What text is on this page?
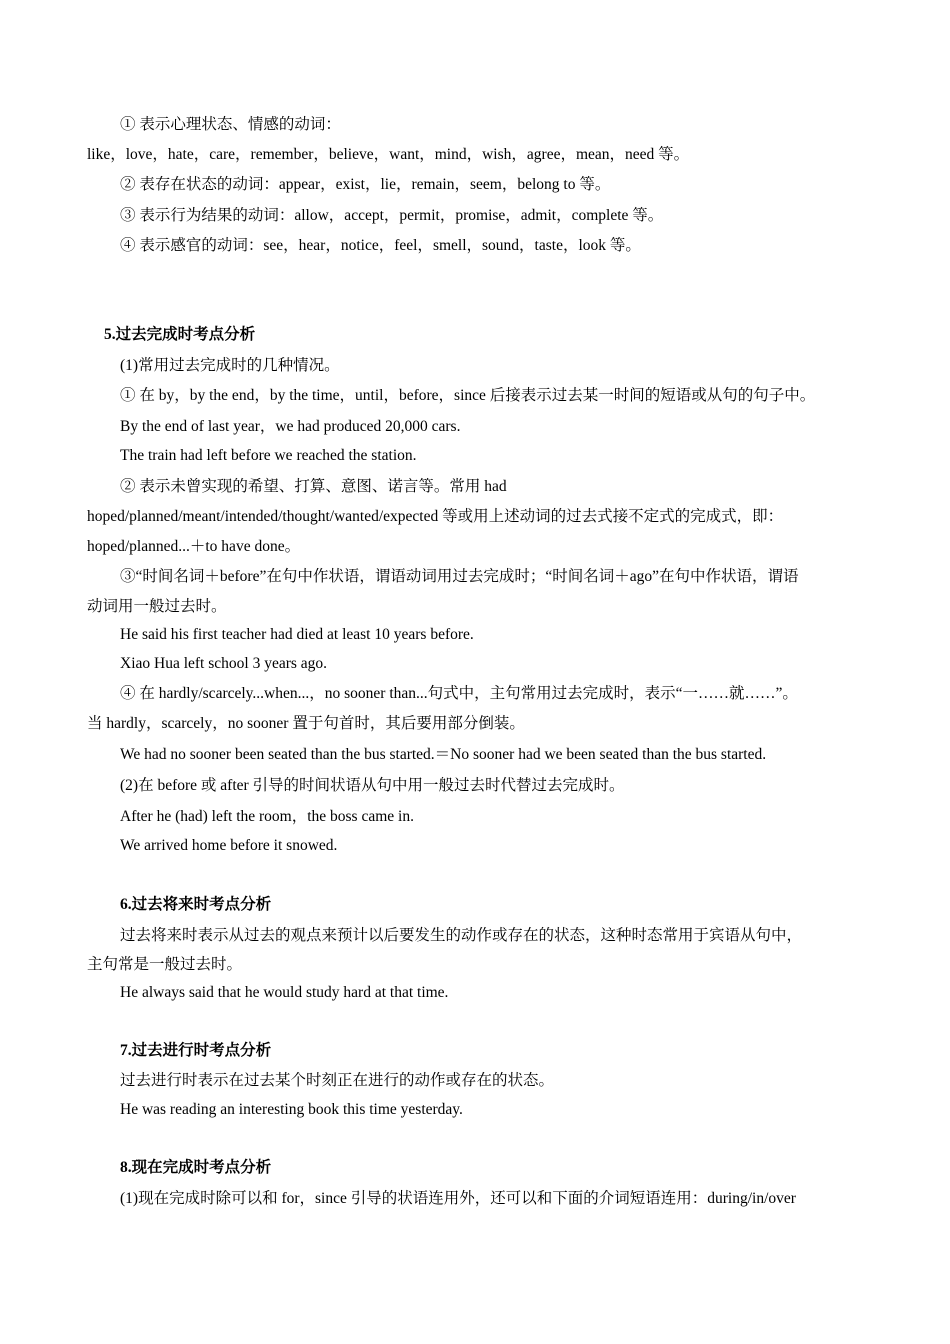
① 表示心理状态、情感的动词：
like，love，hate，care，remember，believe，want，mind，wish，agree，mean，need 等。
② 表存在状态的动词：appear，exist，lie，remain，seem，belong to 等。
③ 表示行为结果的动词：allow，accept，permit，promise，admit，complete 等。
④ 表示感官的动词：see，hear，notice，feel，smell，sound，taste，look 等。
5.过去完成时考点分析
(1)常用过去完成时的几种情况。
① 在 by，by the end，by the time，until，before，since 后接表示过去某一时间的短语或从句的句子中。
By the end of last year，we had produced 20,000 cars.
The train had left before we reached the station.
② 表示未曾实现的希望、打算、意图、诺言等。常用 had
hoped/planned/meant/intended/thought/wanted/expected 等或用上述动词的过去式接不定式的完成式，即：
hoped/planned...＋to have done。
③“时间名词＋before”在句中作状语，谓语动词用过去完成时；“时间名词＋ago”在句中作状语，谓语
动词用一般过去时。
He said his first teacher had died at least 10 years before.
Xiao Hua left school 3 years ago.
④ 在 hardly/scarcely...when...，no sooner than...句式中，主句常用过去完成时，表示“一……就……”。
当 hardly，scarcely，no sooner 置于句首时，其后要用部分倒装。
We had no sooner been seated than the bus started.＝No sooner had we been seated than the bus started.
(2)在 before 或 after 引导的时间状语从句中用一般过去时代替过去完成时。
After he (had) left the room，the boss came in.
We arrived home before it snowed.
6.过去将来时考点分析
过去将来时表示从过去的观点来预计以后要发生的动作或存在的状态，这种时态常用于宾语从句中，
主句常是一般过去时。
He always said that he would study hard at that time.
7.过去进行时考点分析
过去进行时表示在过去某个时刻正在进行的动作或存在的状态。
He was reading an interesting book this time yesterday.
8.现在完成时考点分析
(1)现在完成时除可以和 for，since 引导的状语连用外，还可以和下面的介词短语连用：during/in/over
